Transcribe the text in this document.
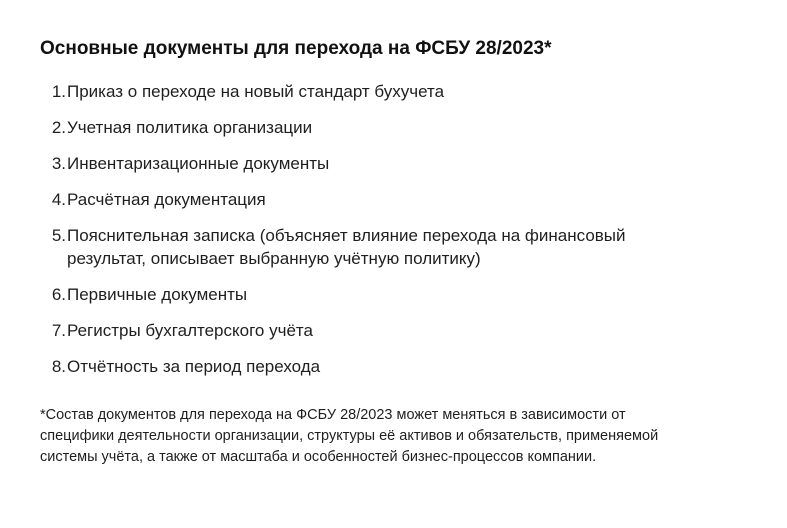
Основные документы для перехода на ФСБУ 28/2023*
1. Приказ о переходе на новый стандарт бухучета
2. Учетная политика организации
3. Инвентаризационные документы
4. Расчётная документация
5. Пояснительная записка (объясняет влияние перехода на финансовый результат, описывает выбранную учётную политику)
6. Первичные документы
7. Регистры бухгалтерского учёта
8. Отчётность за период перехода

*Состав документов для перехода на ФСБУ 28/2023 может меняться в зависимости от специфики деятельности организации, структуры её активов и обязательств, применяемой системы учёта, а также от масштаба и особенностей бизнес-процессов компании.
